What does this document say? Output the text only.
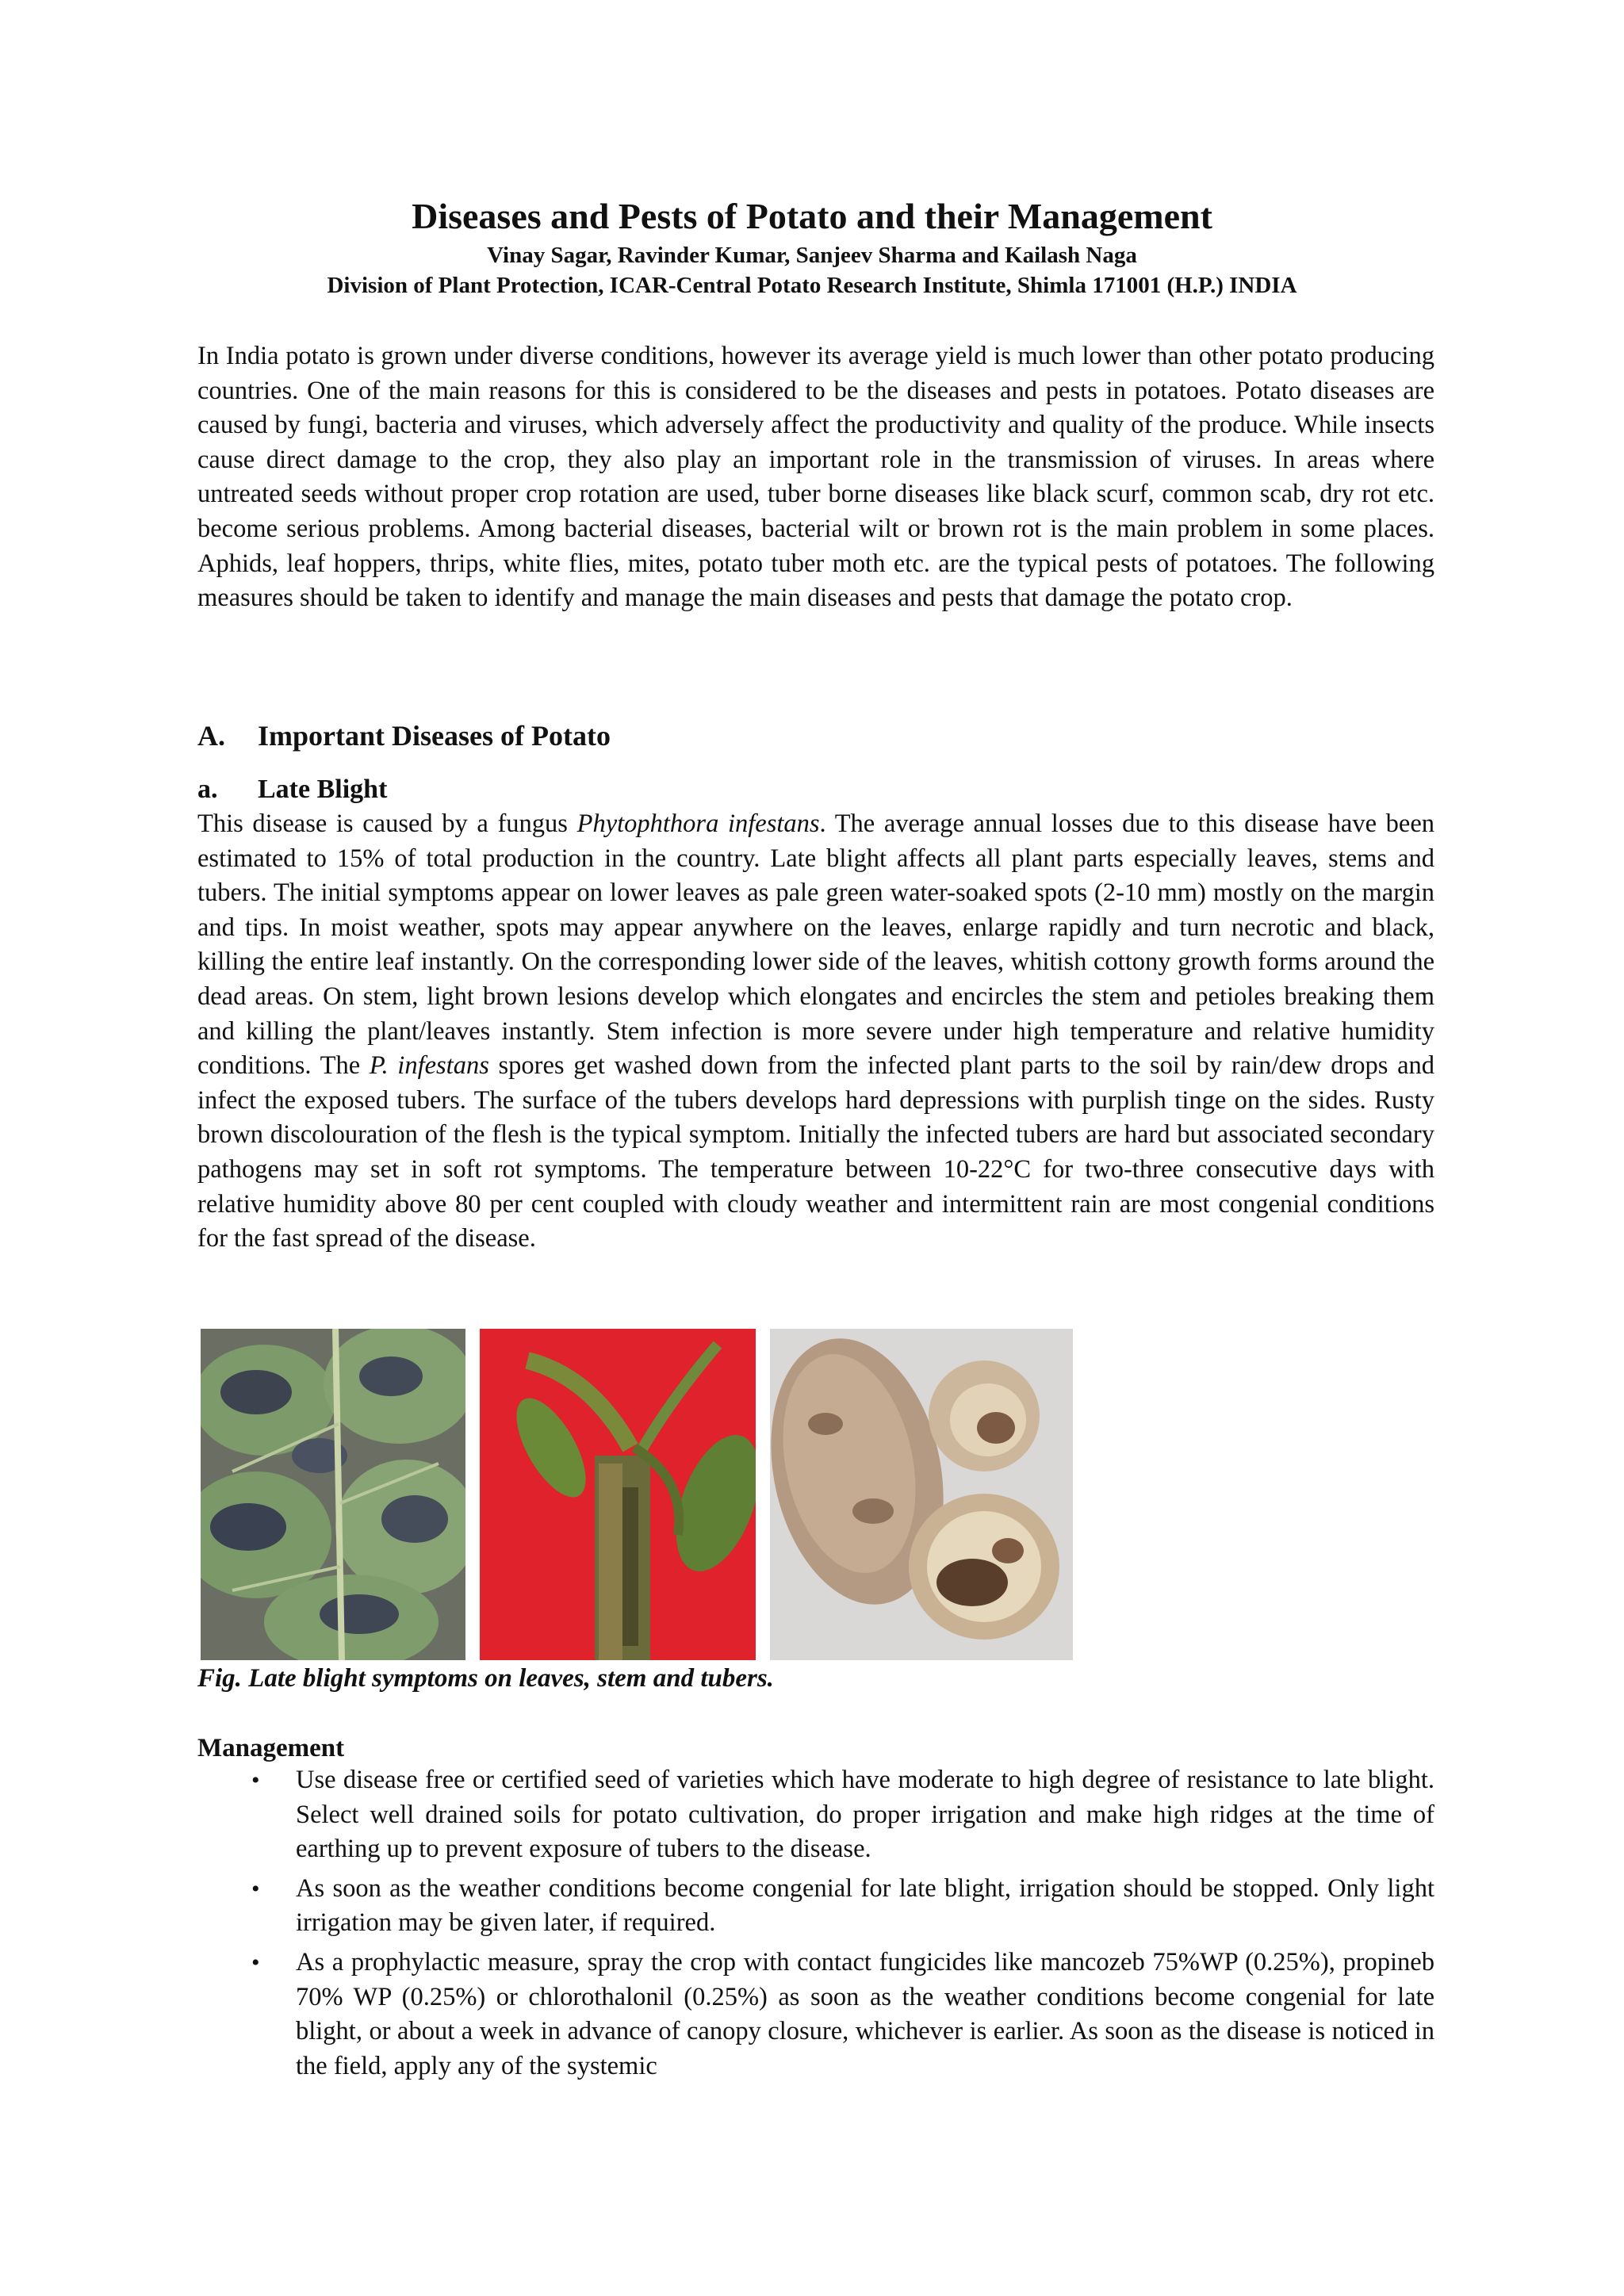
Diseases and Pests of Potato and their Management
Vinay Sagar, Ravinder Kumar, Sanjeev Sharma and Kailash Naga
Division of Plant Protection, ICAR-Central Potato Research Institute, Shimla 171001 (H.P.) INDIA

In India potato is grown under diverse conditions, however its average yield is much lower than other potato producing countries. One of the main reasons for this is considered to be the diseases and pests in potatoes. Potato diseases are caused by fungi, bacteria and viruses, which adversely affect the productivity and quality of the produce. While insects cause direct damage to the crop, they also play an important role in the transmission of viruses. In areas where untreated seeds without proper crop rotation are used, tuber borne diseases like black scurf, common scab, dry rot etc. become serious problems. Among bacterial diseases, bacterial wilt or brown rot is the main problem in some places. Aphids, leaf hoppers, thrips, white flies, mites, potato tuber moth etc. are the typical pests of potatoes. The following measures should be taken to identify and manage the main diseases and pests that damage the potato crop.

A. Important Diseases of Potato
a. Late Blight

This disease is caused by a fungus Phytophthora infestans. The average annual losses due to this disease have been estimated to 15% of total production in the country. Late blight affects all plant parts especially leaves, stems and tubers. The initial symptoms appear on lower leaves as pale green water-soaked spots (2-10 mm) mostly on the margin and tips. In moist weather, spots may appear anywhere on the leaves, enlarge rapidly and turn necrotic and black, killing the entire leaf instantly. On the corresponding lower side of the leaves, whitish cottony growth forms around the dead areas. On stem, light brown lesions develop which elongates and encircles the stem and petioles breaking them and killing the plant/leaves instantly. Stem infection is more severe under high temperature and relative humidity conditions. The P. infestans spores get washed down from the infected plant parts to the soil by rain/dew drops and infect the exposed tubers. The surface of the tubers develops hard depressions with purplish tinge on the sides. Rusty brown discolouration of the flesh is the typical symptom. Initially the infected tubers are hard but associated secondary pathogens may set in soft rot symptoms. The temperature between 10-22°C for two-three consecutive days with relative humidity above 80 per cent coupled with cloudy weather and intermittent rain are most congenial conditions for the fast spread of the disease.

Fig. Late blight symptoms on leaves, stem and tubers.
Management
• Use disease free or certified seed of varieties which have moderate to high degree of resistance to late blight. Select well drained soils for potato cultivation, do proper irrigation and make high ridges at the time of earthing up to prevent exposure of tubers to the disease.
• As soon as the weather conditions become congenial for late blight, irrigation should be stopped. Only light irrigation may be given later, if required.
• As a prophylactic measure, spray the crop with contact fungicides like mancozeb 75%WP (0.25%), propineb 70% WP (0.25%) or chlorothalonil (0.25%) as soon as the weather conditions become congenial for late blight, or about a week in advance of canopy closure, whichever is earlier. As soon as the disease is noticed in the field, apply any of the systemic
